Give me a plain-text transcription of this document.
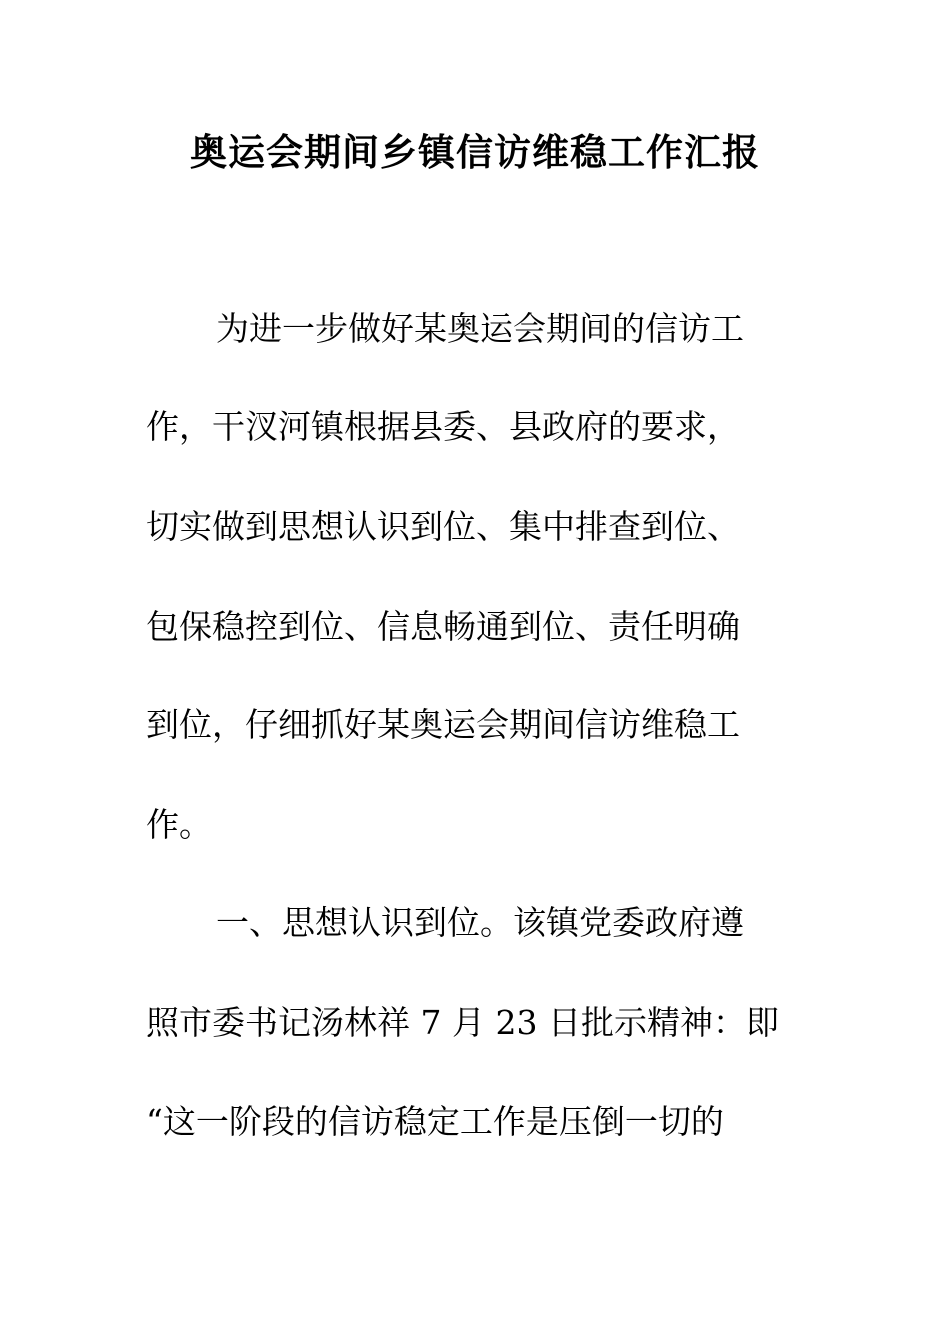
奥运会期间乡镇信访维稳工作汇报
为进一步做好某奥运会期间的信访工
作，干汊河镇根据县委、县政府的要求，
切实做到思想认识到位、集中排查到位、
包保稳控到位、信息畅通到位、责任明确
到位，仔细抓好某奥运会期间信访维稳工
作。
一、思想认识到位。该镇党委政府遵
照市委书记汤林祥 7 月 23 日批示精神：即
“这一阶段的信访稳定工作是压倒一切的
